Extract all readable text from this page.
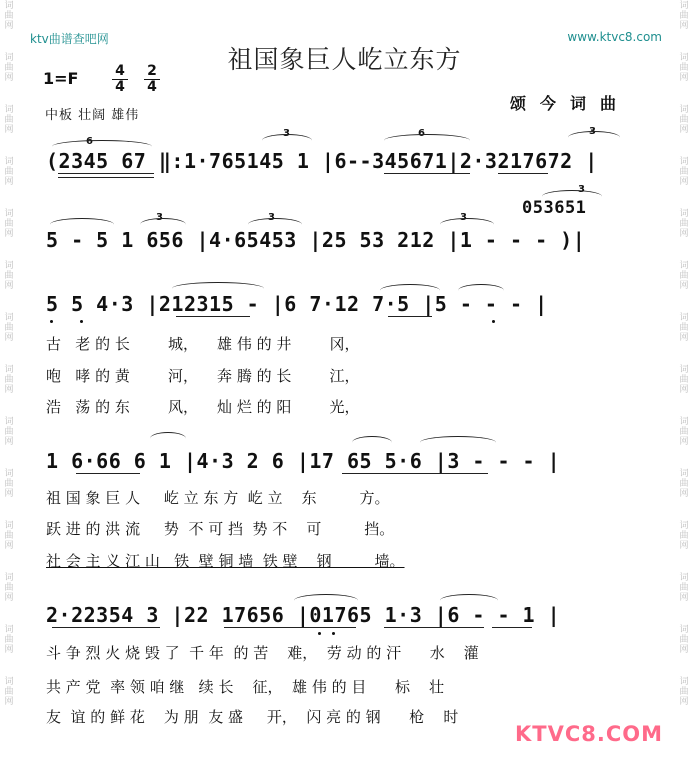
词曲网
词曲网
词曲网
词曲网
词曲网
词曲网
词曲网
词曲网
词曲网
词曲网
词曲网
词曲网
词曲网
词曲网
词曲网
词曲网
词曲网
词曲网
词曲网
词曲网
词曲网
词曲网
词曲网
词曲网
词曲网
词曲网
词曲网
词曲网
ktv曲谱查吧网	www.ktvc8.com
祖国象巨人屹立东方
1=F	4
4
2
4
中板 壮阔 雄伟
颂今词曲
6
3	6	3
(2345 67 ‖:1·765145 1 |6--345671|2·3217672 |
3	3	3	053651
3
5 - 5 1 656 |4·65453 |25 53 212 |1 - - - )|
5 5 4·3 |212315 - |6 7·12 7·5 |5 - - - |
古   老 的 长        城，    雄 伟 的 井        冈，
咆   哮 的 黄        河，    奔 腾 的 长        江，
浩   荡 的 东        风，    灿 烂 的 阳        光，
1 6·66 6 1 |4·3 2 6 |17 65 5·6 |3 - - - |
祖 国 象 巨 人     屹 立 东 方  屹 立    东         方。
跃 进 的 洪 流     势  不 可 挡  势 不    可         挡。
社 会 主 义 江 山   铁  壁 铜 墙  铁 壁    钢         墙。
2·22354 3 |22 17656 |01765 1·3 |6 - - 1 |
斗 争 烈 火 烧 毁 了  千 年  的 苦    难，  劳 动 的 汗      水    灌
共 产 党  率 领 咱 继   续 长    征，  雄 伟 的 目      标    壮
友  谊 的 鲜 花    为 朋  友 盛     开，  闪 亮 的 钢      枪    时
KTVC8.COM
